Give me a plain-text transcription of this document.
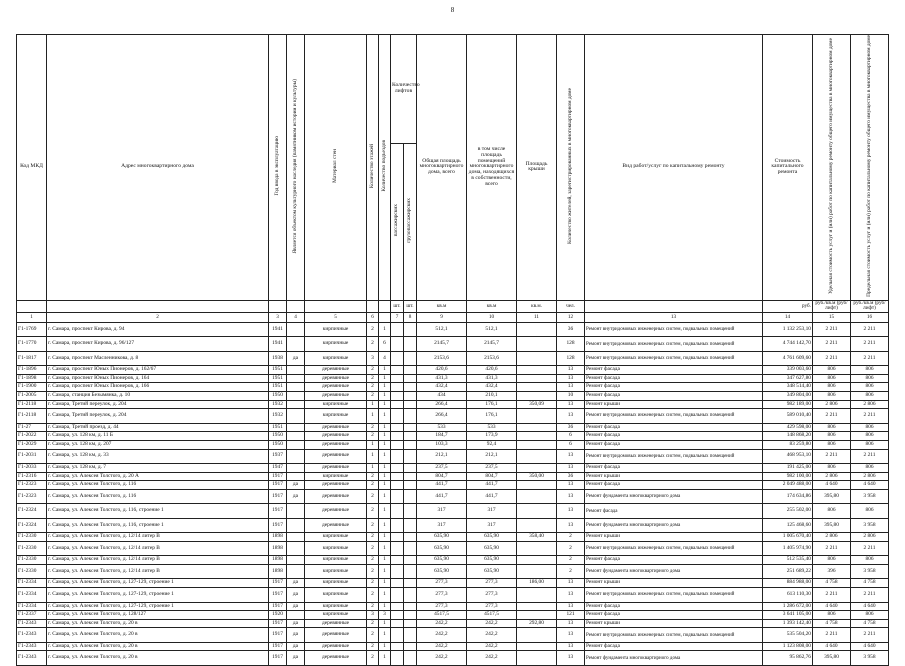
8
Код МКД	Адрес многоквартирного дома	Год ввода в эксплуатацию	Является объектом культурного наследия (памятником истории и культуры)	Материал стен	Количество этажей	Количество подъездов	Количество лифтов		Общая площадь многоквартирного дома, всего	в том числе площадь помещений многоквартирного дома, находящихся в собственности, всего	Площадь крыши	Количество жителей, зарегистрированных в многоквартирном доме	Вид работ/услуг по капитальному ремонту	Стоимость капитального ремонта	Удельная стоимость услуг и (или) работ по капитальному ремонту общего имущества в многоквартирном доме	Предельная стоимость услуг и (или) работ по капитальному ремонту общего имущества в многоквартирном доме
							пассажирских	грузопассажирских								
							шт.	шт.	кв.м	кв.м	кв.м.	чел.		руб.	руб./кв.м (руб/лифт)	руб./кв.м (руб/лифт)
1	2	3	4	5	6		7	8	9	10	11	12	13	14	15	16
Г1-1769	г. Самара, проспект Кирова, д. 94	1941		кирпичные	2	1			512,1	512,1		36	Ремонт внутридомовых инженерных систем, подвальных помещений	1 132 253,10	2 211	2 211
Г1-1770	г. Самара, проспект Кирова, д. 96/127	1941		кирпичные	2	6			2145,7	2145,7		128	Ремонт внутридомовых инженерных систем, подвальных помещений	4 744 142,70	2 211	2 211
Г1-1817	г. Самара, проспект Масленникова, д. 8	1938	да	кирпичные	3	4			2153,6	2153,6		128	Ремонт внутридомовых инженерных систем, подвальных помещений	4 761 609,60	2 211	2 211
Г1-1896	г. Самара, проспект Юных Пионеров, д. 162/67	1951		деревянные	2	1			420,6	420,6		13	Ремонт фасада	339 003,60	806	806
Г1-1898	г. Самара, проспект Юных Пионеров, д. 164	1951		деревянные	2	1			431,3	431,3		13	Ремонт фасада	347 627,80	806	806
Г1-1900	г. Самара, проспект Юных Пионеров, д. 166	1951		деревянные	2	1			432,4	432,4		13	Ремонт фасада	348 514,40	806	806
Г1-2005	г. Самара, станция Безымянка, д. 10	1950		деревянные	2	1			434	210,1		10	Ремонт фасада	349 804,00	806	806
Г1-2118	г. Самара, Третий переулок, д. 204	1932		кирпичные	1	1			266,4	176,1	350,09	13	Ремонт крыши	982 189,00	2 806	2 806
Г1-2118	г. Самара, Третий переулок, д. 204	1932		кирпичные	1	1			266,4	176,1		13	Ремонт внутридомовых инженерных систем, подвальных помещений	589 010,40	2 211	2 211
Г1-27	г. Самара, Третий проезд, д. 44	1951		деревянные	2	1			533	533		36	Ремонт фасада	429 598,00	806	806
Г1-2022	г. Самара, ул. 128 км, д. 11 Б	1950		деревянные	2	1			184,7	173,9		6	Ремонт фасада	148 868,20	806	806
Г1-2029	г. Самара, ул. 128 км, д. 207	1950		деревянные	1	1			103,3	92,4		6	Ремонт фасада	83 259,80	806	806
Г1-2031	г. Самара, ул. 128 км, д. 33	1937		деревянные	1	1			212,1	212,1		13	Ремонт внутридомовых инженерных систем, подвальных помещений	468 953,10	2 211	2 211
Г1-2033	г. Самара, ул. 128 км, д. 7	1947		деревянные	1	1			237,5	237,5		13	Ремонт фасада	191 425,00	806	806
Г1-2316	г. Самара, ул. Алексея Толстого, д. 20 А	1917		кирпичные	2	1			804,7	804,7	350,00	36	Ремонт крыши	982 100,00	2 806	2 806
Г1-2323	г. Самара, ул. Алексея Толстого, д. 116	1917	да	деревянные	2	1			441,7	441,7		13	Ремонт фасада	2 049 488,00	4 640	4 640
Г1-2323	г. Самара, ул. Алексея Толстого, д. 116	1917	да	деревянные	2	1			441,7	441,7		13	Ремонт фундамента многоквартирного дома	174 634,86	395,80	3 958
Г1-2324	г. Самара, ул. Алексея Толстого, д. 116, строение 1	1917		деревянные	2	1			317	317		13	Ремонт фасада	255 502,00	806	806
Г1-2324	г. Самара, ул. Алексея Толстого, д. 116, строение 1	1917		деревянные	2	1			317	317		13	Ремонт фундамента многоквартирного дома	125 468,60	395,80	3 958
Г1-2330	г. Самара, ул. Алексея Толстого, д. 12/14 литер В	1898		кирпичные	2	1			635,90	635,90	358,40	2	Ремонт крыши	1 005 670,40	2 806	2 806
Г1-2330	г. Самара, ул. Алексея Толстого, д. 12/14 литер В	1898		кирпичные	2	1			635,90	635,90		2	Ремонт внутридомовых инженерных систем, подвальных помещений	1 405 974,90	2 211	2 211
Г1-2330	г. Самара, ул. Алексея Толстого, д. 12/14 литер В	1898		кирпичные	2	1			635,90	635,90		2	Ремонт фасада	512 535,40	806	806
Г1-2330	г. Самара, ул. Алексея Толстого, д. 12/14 литер В	1898		кирпичные	2	1			635,90	635,90		2	Ремонт фундамента многоквартирного дома	251 689,22	396	3 958
Г1-2334	г. Самара, ул. Алексея Толстого, д. 127-129, строение 1	1917	да	кирпичные	2	1			277,3	277,3	186,00	13	Ремонт крыши	884 988,00	4 758	4 758
Г1-2334	г. Самара, ул. Алексея Толстого, д. 127-129, строение 1	1917	да	кирпичные	2	1			277,3	277,3		13	Ремонт внутридомовых инженерных систем, подвальных помещений	613 110,30	2 211	2 211
Г1-2334	г. Самара, ул. Алексея Толстого, д. 127-129, строение 1	1917	да	кирпичные	2	1			277,3	277,3		13	Ремонт фасада	1 286 672,00	4 640	4 640
Г1-2337	г. Самара, ул. Алексея Толстого, д. 128/127	1920		кирпичные	3	3			4517,5	4517,5		121	Ремонт фасада	3 641 105,00	806	806
Г1-2343	г. Самара, ул. Алексея Толстого, д. 20 в	1917	да	деревянные	2	1			242,2	242,2	292,80	13	Ремонт крыши	1 393 142,40	4 758	4 758
Г1-2343	г. Самара, ул. Алексея Толстого, д. 20 в	1917	да	деревянные	2	1			242,2	242,2		13	Ремонт внутридомовых инженерных систем, подвальных помещений	535 504,20	2 211	2 211
Г1-2343	г. Самара, ул. Алексея Толстого, д. 20 в	1917	да	деревянные	2	1			242,2	242,2		13	Ремонт фасада	1 123 808,00	4 640	4 640
Г1-2343	г. Самара, ул. Алексея Толстого, д. 20 в	1917	да	деревянные	2	1			242,2	242,2		13	Ремонт фундамента многоквартирного дома	95 862,76	395,80	3 958
